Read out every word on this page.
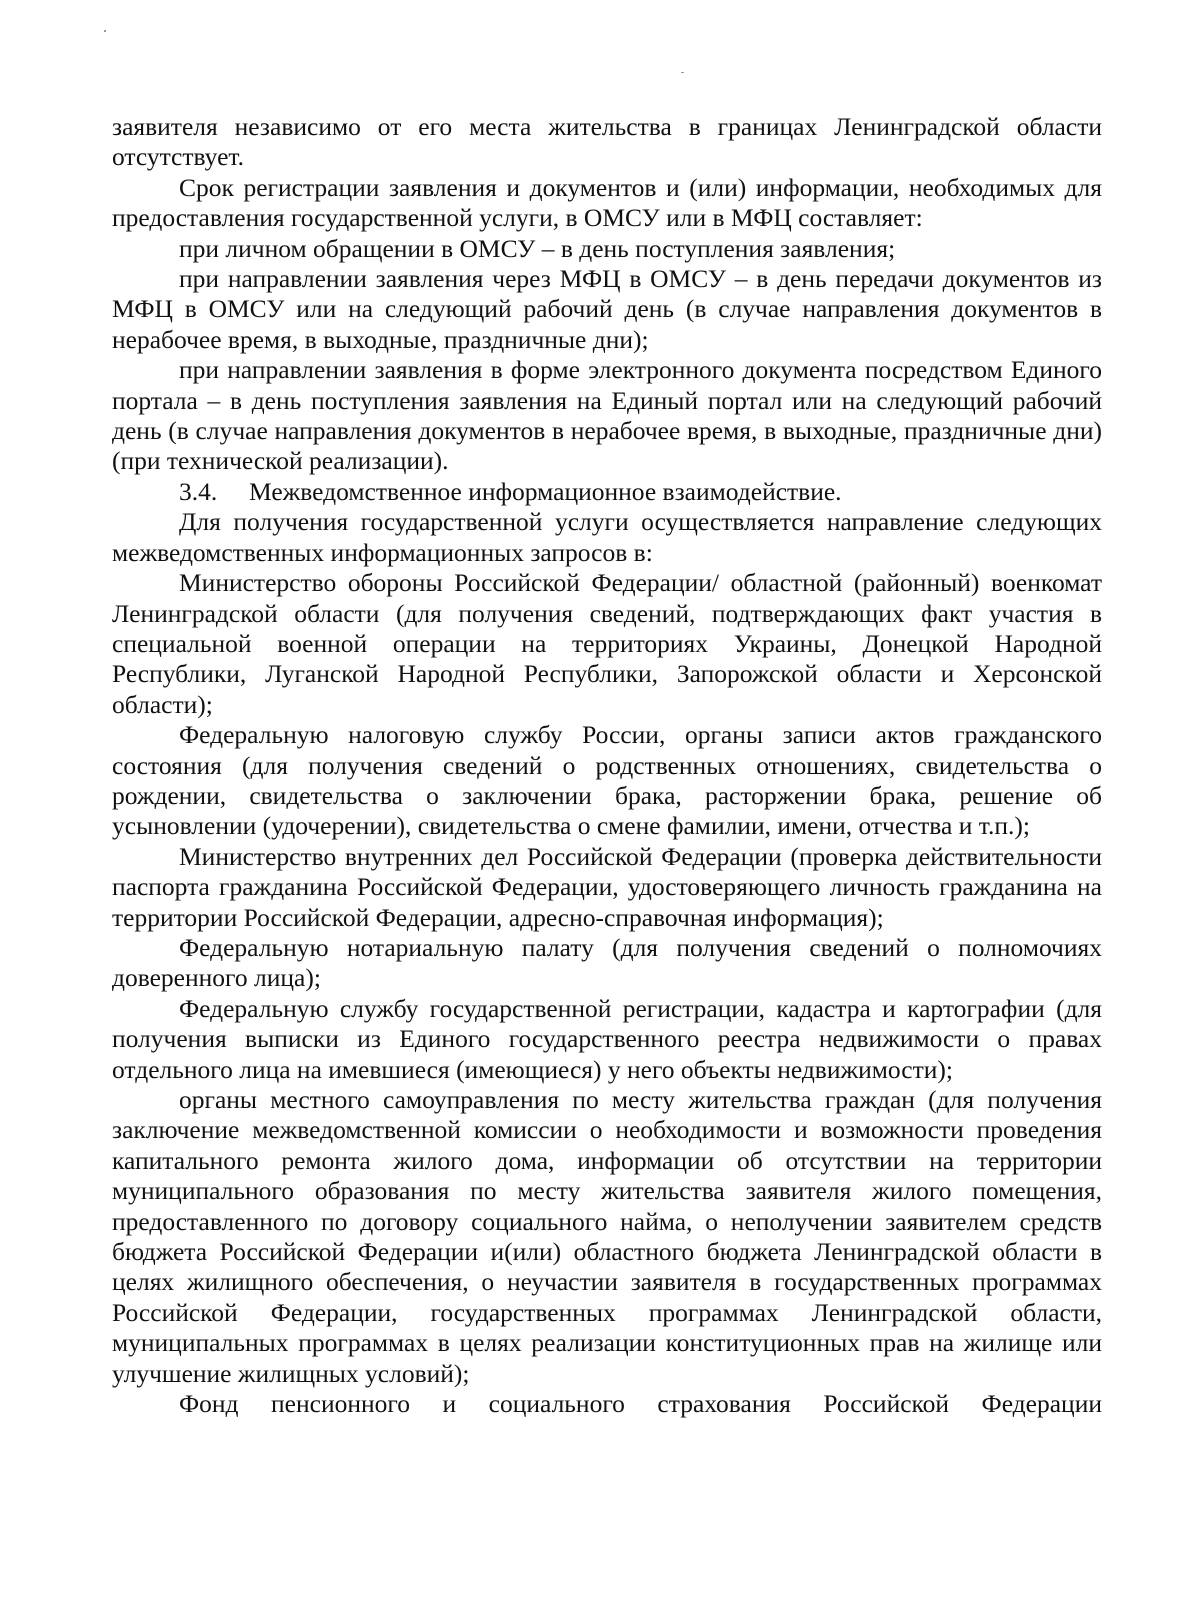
заявителя независимо от его места жительства в границах Ленинградской области отсутствует.

Срок регистрации заявления и документов и (или) информации, необходимых для предоставления государственной услуги, в ОМСУ или в МФЦ составляет:

при личном обращении в ОМСУ – в день поступления заявления;

при направлении заявления через МФЦ в ОМСУ – в день передачи документов из МФЦ в ОМСУ или на следующий рабочий день (в случае направления документов в нерабочее время, в выходные, праздничные дни);

при направлении заявления в форме электронного документа посредством Единого портала – в день поступления заявления на Единый портал или на следующий рабочий день (в случае направления документов в нерабочее время, в выходные, праздничные дни) (при технической реализации).

3.4. Межведомственное информационное взаимодействие.

Для получения государственной услуги осуществляется направление следующих межведомственных информационных запросов в:

Министерство обороны Российской Федерации/ областной (районный) военкомат Ленинградской области (для получения сведений, подтверждающих факт участия в специальной военной операции на территориях Украины, Донецкой Народной Республики, Луганской Народной Республики, Запорожской области и Херсонской области);

Федеральную налоговую службу России, органы записи актов гражданского состояния (для получения сведений о родственных отношениях, свидетельства о рождении, свидетельства о заключении брака, расторжении брака, решение об усыновлении (удочерении), свидетельства о смене фамилии, имени, отчества и т.п.);

Министерство внутренних дел Российской Федерации (проверка действительности паспорта гражданина Российской Федерации, удостоверяющего личность гражданина на территории Российской Федерации, адресно-справочная информация);

Федеральную нотариальную палату (для получения сведений о полномочиях доверенного лица);

Федеральную службу государственной регистрации, кадастра и картографии (для получения выписки из Единого государственного реестра недвижимости о правах отдельного лица на имевшиеся (имеющиеся) у него объекты недвижимости);

органы местного самоуправления по месту жительства граждан (для получения заключение межведомственной комиссии о необходимости и возможности проведения капитального ремонта жилого дома, информации об отсутствии на территории муниципального образования по месту жительства заявителя жилого помещения, предоставленного по договору социального найма, о неполучении заявителем средств бюджета Российской Федерации и(или) областного бюджета Ленинградской области в целях жилищного обеспечения, о неучастии заявителя в государственных программах Российской Федерации, государственных программах Ленинградской области, муниципальных программах в целях реализации конституционных прав на жилище или улучшение жилищных условий);

Фонд пенсионного и социального страхования Российской Федерации
